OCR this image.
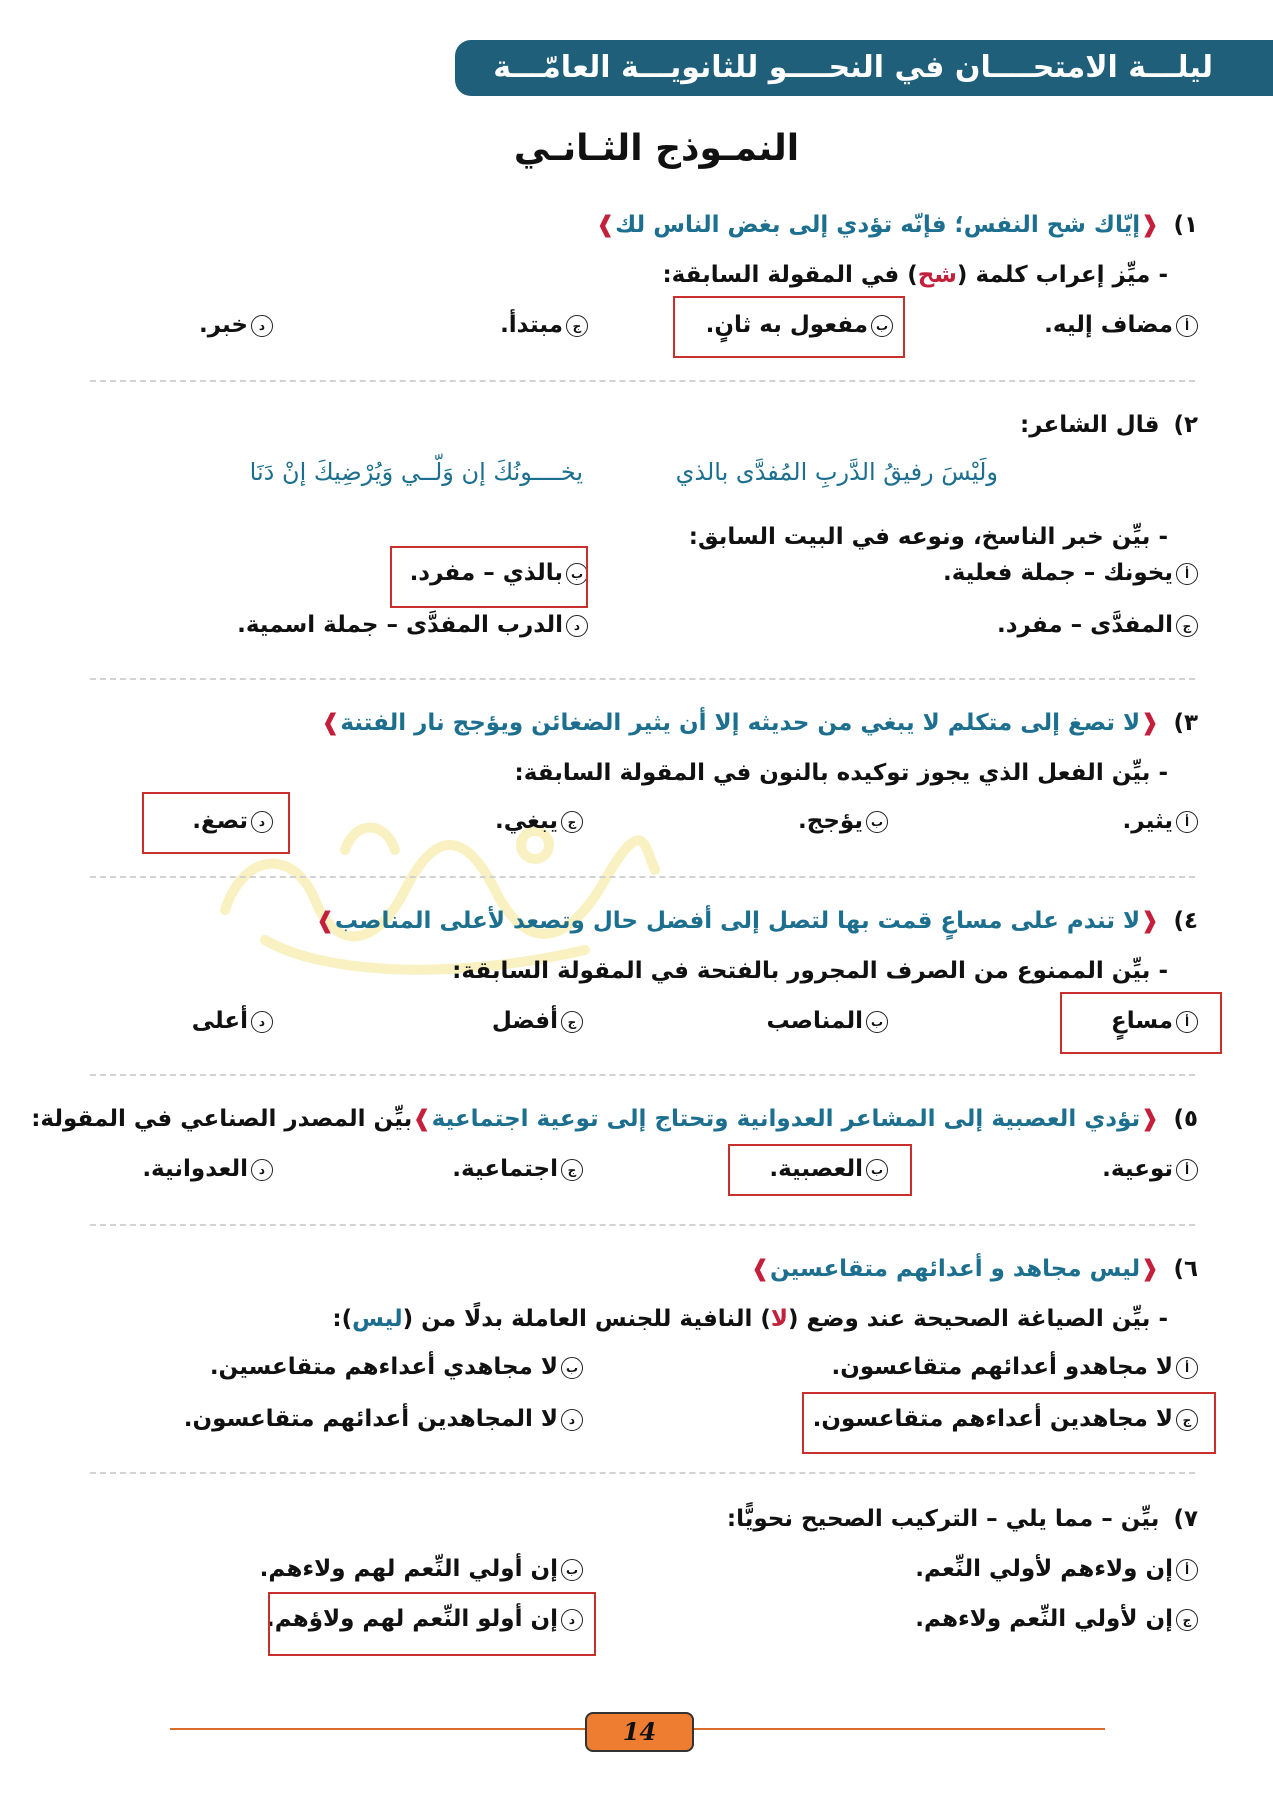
ليلـــة الامتحــــان في النحــــو للثانويـــة العامّـــة
النمـوذج الثـانـي
١)❰إيّاك شح النفس؛ فإنّه تؤدي إلى بغض الناس لك❱
- ميِّز إعراب كلمة (شح) في المقولة السابقة:
أمضاف إليه.
بمفعول به ثانٍ.
جمبتدأ.
دخبر.
٢)قال الشاعر:
- بيِّن خبر الناسخ، ونوعه في البيت السابق:
ولَيْسَ رفيقُ الدَّربِ المُفدَّى بالذي
يخــــونُكَ إن وَلّــي وَيُرْضِيكَ إنْ دَنَا
أيخونك – جملة فعلية.
ببالذي – مفرد.
جالمفدَّى – مفرد.
دالدرب المفدَّى – جملة اسمية.
٣)❰لا تصغ إلى متكلم لا يبغي من حديثه إلا أن يثير الضغائن ويؤجج نار الفتنة❱
- بيِّن الفعل الذي يجوز توكيده بالنون في المقولة السابقة:
أيثير.
بيؤجج.
جيبغي.
دتصغ.
٤)❰لا تندم على مساعٍ قمت بها لتصل إلى أفضل حال وتصعد لأعلى المناصب❱
- بيِّن الممنوع من الصرف المجرور بالفتحة في المقولة السابقة:
أمساعٍ
بالمناصب
جأفضل
دأعلى
٥)❰تؤدي العصبية إلى المشاعر العدوانية وتحتاج إلى توعية اجتماعية❱بيِّن المصدر الصناعي في المقولة:
أتوعية.
بالعصبية.
جاجتماعية.
دالعدوانية.
٦)❰ليس مجاهد و أعدائهم متقاعسين❱
- بيِّن الصياغة الصحيحة عند وضع (لا) النافية للجنس العاملة بدلًا من (ليس):
ألا مجاهدو أعدائهم متقاعسون.
بلا مجاهدي أعداءهم متقاعسين.
جلا مجاهدين أعداءهم متقاعسون.
دلا المجاهدين أعدائهم متقاعسون.
٧)بيِّن – مما يلي – التركيب الصحيح نحويًّا:
أإن ولاءهم لأولي النِّعم.
بإن أولي النِّعم لهم ولاءهم.
جإن لأولي النِّعم ولاءهم.
دإن أولو النِّعم لهم ولاؤهم.
14
